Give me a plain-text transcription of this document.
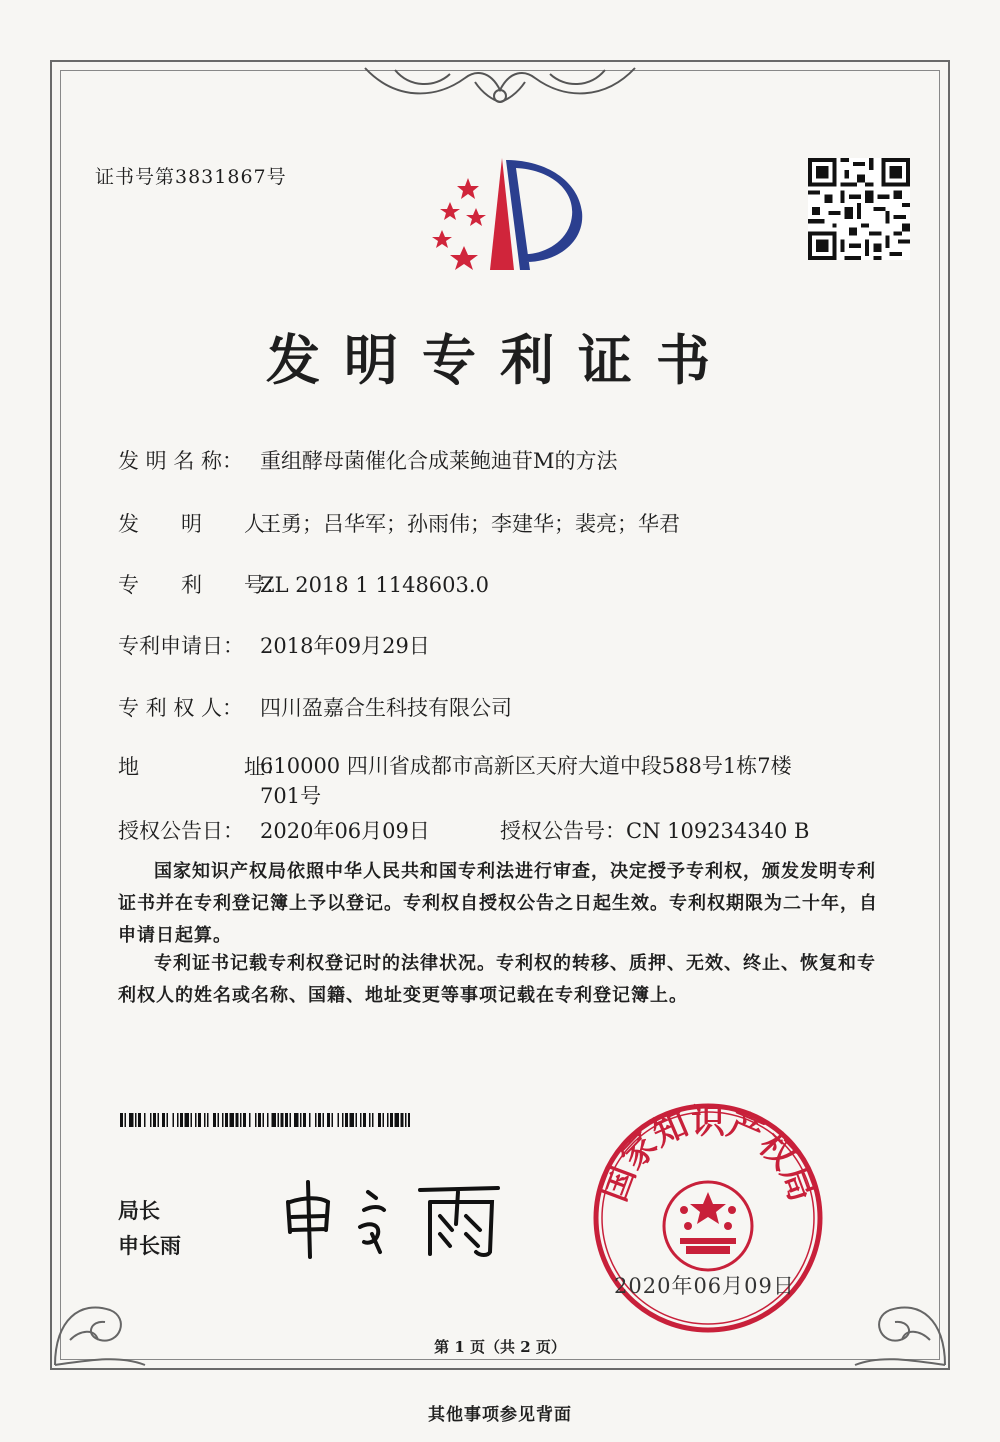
证书号第3831867号
发明专利证书
发 明 名 称： 重组酵母菌催化合成莱鲍迪苷M的方法
发　　明　　人：王勇；吕华军；孙雨伟；李建华；裴亮；华君
专　　利　　号：ZL 2018 1 1148603.0
专利申请日： 2018年09月29日
专 利 权 人： 四川盈嘉合生科技有限公司
地　　　　　址：
610000 四川省成都市高新区天府大道中段588号1栋7楼701号
授权公告日： 2020年06月09日	授权公告号：CN 109234340 B
国家知识产权局依照中华人民共和国专利法进行审查，决定授予专利权，颁发发明专利证书并在专利登记簿上予以登记。专利权自授权公告之日起生效。专利权期限为二十年，自申请日起算。
专利证书记载专利权登记时的法律状况。专利权的转移、质押、无效、终止、恢复和专利权人的姓名或名称、国籍、地址变更等事项记载在专利登记簿上。
局长
申长雨
国家知识产权局
2020年06月09日
第 1 页（共 2 页）
其他事项参见背面
